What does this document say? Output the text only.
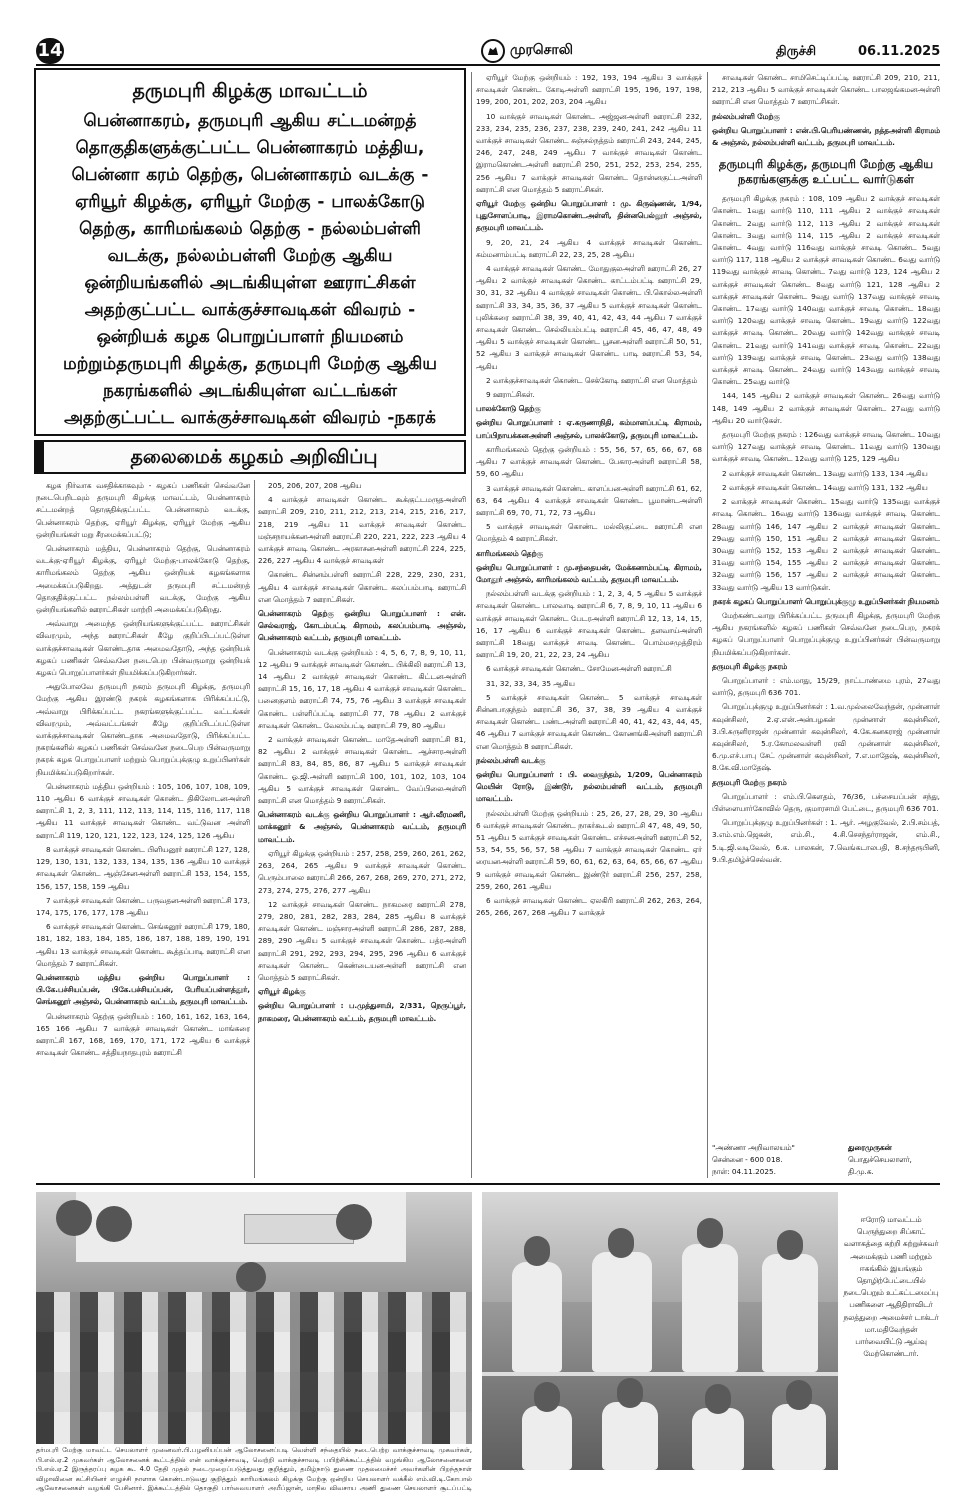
14	முரசொலி	திருச்சி	06.11.2025
தருமபுரி கிழக்கு மாவட்டம்
பென்னாகரம், தருமபுரி ஆகிய சட்டமன்றத் தொகுதிகளுக்குட்பட்ட பென்னாகரம் மத்திய, பென்னா கரம் தெற்கு, பென்னாகரம் வடக்கு - ஏரியூர் கிழக்கு, ஏரியூர் மேற்கு - பாலக்கோடு தெற்கு, காரிமங்கலம் தெற்கு - நல்லம்பள்ளி வடக்கு, நல்லம்பள்ளி மேற்கு ஆகிய ஒன்றியங்களில் அடங்கியுள்ள ஊராட்சிகள் அதற்குட்பட்ட வாக்குச்சாவடிகள் விவரம் - ஒன்றியக் கழக பொறுப்பாளர் நியமனம் மற்றும்தருமபுரி கிழக்கு, தருமபுரி மேற்கு ஆகிய நகரங்களில் அடங்கியுள்ள வட்டங்கள் அதற்குட்பட்ட வாக்குச்சாவடிகள் விவரம் -நகரக்
தலைமைக் கழகம் அறிவிப்பு

கழக நிர்வாக வசதிக்காகவும் - கழகப் பணிகள் செவ்வனே நடைபெறிடவும் தருமபுரி கிழக்கு மாவட்டம், பென்னாகரம் சட்டமன்றத் தொகுதிக்குட்பட்ட பென்னாகரம் வடக்கு, பென்னாகரம் தெற்கு, ஏரியூர் கிழக்கு, ஏரியூர் மேற்கு ஆகிய ஒன்றியங்கள் மறு சீரமைக்கப்பட்டு;

பென்னாகரம் மத்திய, பென்னாகரம் தெற்கு, பென்னாகரம் வடக்கு-ஏரியூர் கிழக்கு, ஏரியூர் மேற்கு-பாலக்கோடு தெற்கு, காரிமங்கலம் தெற்கு ஆகிய ஒன்றியக் கழகங்களாக அமைக்கப்படுகிறது. அத்துடன் தருமபுரி சட்டமன்றத் தொகுதிக்குட்பட்ட நல்லம்பள்ளி வடக்கு, மேற்கு ஆகிய ஒன்றியங்களில் ஊராட்சிகள் மாற்றி அமைக்கப்படுகிறது.

அவ்வாறு அமைந்த ஒன்றியங்களுக்குட்பட்ட ஊராட்சிகள் விவரமும், அந்த ஊராட்சிகள் கீழே குறிப்பிடப்பட்டுள்ள வாக்குச்சாவடிகள் கொண்டதாக அமைவதோடு, அந்த ஒன்றியக் கழகப் பணிகள் செவ்வனே நடைபெற பின்வருமாறு ஒன்றியக் கழகப் பொறுப்பாளர்கள் நியமிக்கப்படுகிறார்கள்.

அதுபோலவே தருமபுரி நகரம் தருமபுரி கிழக்கு, தருமபுரி மேற்கு ஆகிய இரண்டு நகரக் கழகங்களாக பிரிக்கப்பட்டு, அவ்வாறு பிரிக்கப்பட்ட நகரங்களுக்குட்பட்ட வட்டங்கள் விவரமும், அவ்வட்டங்கள் கீழே குறிப்பிடப்பட்டுள்ள வாக்குச்சாவடிகள் கொண்டதாக அமைவதோடு, பிரிக்கப்பட்ட நகரங்களில் கழகப் பணிகள் செவ்வனே நடைபெற பின்வருமாறு நகரக் கழக பொறுப்பாளர் மற்றும் பொறுப்புக்குழு உறுப்பினர்கள் நியமிக்கப்படுகிறார்கள்.

பென்னாகரம் மத்திய ஒன்றியம் : 105, 106, 107, 108, 109, 110 ஆகிய 6 வாக்குச் சாவடிகள் கொண்ட திகிலோடனஅள்ளி ஊராட்சி 1, 2, 3, 111, 112, 113, 114, 115, 116, 117, 118 ஆகிய 11 வாக்குச் சாவடிகள் கொண்ட வட்டுவன அள்ளி ஊராட்சி 119, 120, 121, 122, 123, 124, 125, 126 ஆகிய

8 வாக்குச் சாவடிகள் கொண்ட பிளியனூர் ஊராட்சி 127, 128, 129, 130, 131, 132, 133, 134, 135, 136 ஆகிய 10 வாக்குச் சாவடிகள் கொண்ட ஆஞ்சேனஅள்ளி ஊராட்சி 153, 154, 155, 156, 157, 158, 159 ஆகிய

7 வாக்குச் சாவடிகள் கொண்ட பருவதனஅள்ளி ஊராட்சி 173, 174, 175, 176, 177, 178 ஆகிய

6 வாக்குச் சாவடிகள் கொண்ட செங்கனூர் ஊராட்சி 179, 180, 181, 182, 183, 184, 185, 186, 187, 188, 189, 190, 191 ஆகிய 13 வாக்குச் சாவடிகள் கொண்ட கூத்தப்பாடி ஊராட்சி என மொத்தம் 7 ஊராட்சிகள்.

பென்னாகரம் மத்திய ஒன்றிய பொறுப்பாளர் : பி.கே.பச்சியப்பன், பிகே.பச்சியப்பன், பேரியப்பள்ளத்தூர், செங்கனூர் அஞ்சல், பென்னாகரம் வட்டம், தருமபுரி மாவட்டம்.

பென்னாகரம் தெற்கு ஒன்றியம் : 160, 161, 162, 163, 164, 165 166 ஆகிய 7 வாக்குச் சாவடிகள் கொண்ட மாங்கரை ஊராட்சி 167, 168, 169, 170, 171, 172 ஆகிய 6 வாக்குச் சாவடிகள் கொண்ட சத்தியநாதபுரம் ஊராட்சி

205, 206, 207, 208 ஆகிய

4 வாக்குச் சாவடிகள் கொண்ட கூக்குட்டமருதஅள்ளி ஊராட்சி 209, 210, 211, 212, 213, 214, 215, 216, 217, 218, 219 ஆகிய 11 வாக்குச் சாவடிகள் கொண்ட மஞ்சநாயக்கனஅள்ளி ஊராட்சி 220, 221, 222, 223 ஆகிய 4 வாக்குச் சாவடி கொண்ட அரகாசனஅள்ளி ஊராட்சி 224, 225, 226, 227 ஆகிய 4 வாக்குச் சாவடிகள்

கொண்ட சின்னம்பள்ளி ஊராட்சி 228, 229, 230, 231, ஆகிய 4 வாக்குச் சாவடிகள் கொண்ட கலப்பம்பாடி ஊராட்சி என மொத்தம் 7 ஊராட்சிகள்.

பென்னாகரம் தெற்கு ஒன்றிய பொறுப்பாளர் : என். செல்வராஜ், கோடம்பட்டி கிராமம், கலப்பம்பாடி அஞ்சல், பென்னாகரம் வட்டம், தருமபுரி மாவட்டம்.

பென்னாகரம் வடக்கு ஒன்றியம் : 4, 5, 6, 7, 8, 9, 10, 11, 12 ஆகிய 9 வாக்குச் சாவடிகள் கொண்ட பிக்கிலி ஊராட்சி 13, 14 ஆகிய 2 வாக்குச் சாவடிகள் கொண்ட கிட்டனஅள்ளி ஊராட்சி 15, 16, 17, 18 ஆகிய 4 வாக்குச் சாவடிகள் கொண்ட பனைகுளம் ஊராட்சி 74, 75, 76 ஆகிய 3 வாக்குச் சாவடிகள் கொண்ட பள்ளிப்பட்டி ஊராட்சி 77, 78 ஆகிய 2 வாக்குச் சாவடிகள் கொண்ட வேலம்பட்டி ஊராட்சி 79, 80 ஆகிய

2 வாக்குச் சாவடிகள் கொண்ட மாதேஅள்ளி ஊராட்சி 81, 82 ஆகிய 2 வாக்குச் சாவடிகள் கொண்ட ஆச்சாரஅள்ளி ஊராட்சி 83, 84, 85, 86, 87 ஆகிய 5 வாக்குச் சாவடிகள் கொண்ட ஓ.ஜி.அள்ளி ஊராட்சி 100, 101, 102, 103, 104 ஆகிய 5 வாக்குச் சாவடிகள் கொண்ட வேப்பிலைஅள்ளி ஊராட்சி என மொத்தம் 9 ஊராட்சிகள்.

பென்னாகரம் வடக்கு ஒன்றிய பொறுப்பாளர் : ஆர்.வீரமணி, மாக்கனூர் & அஞ்சல், பென்னாகரம் வட்டம், தருமபுரி மாவட்டம்.

ஏரியூர் கிழக்கு ஒன்றியம் : 257, 258, 259, 260, 261, 262, 263, 264, 265 ஆகிய 9 வாக்குச் சாவடிகள் கொண்ட பெரும்பாலை ஊராட்சி 266, 267, 268, 269, 270, 271, 272, 273, 274, 275, 276, 277 ஆகிய

12 வாக்குச் சாவடிகள் கொண்ட நாகமரை ஊராட்சி 278, 279, 280, 281, 282, 283, 284, 285 ஆகிய 8 வாக்குச் சாவடிகள் கொண்ட மஞ்சாரஅள்ளி ஊராட்சி 286, 287, 288, 289, 290 ஆகிய 5 வாக்குச் சாவடிகள் கொண்ட பத்ரஅள்ளி ஊராட்சி 291, 292, 293, 294, 295, 296 ஆகிய 6 வாக்குச் சாவடிகள் கொண்ட கெண்டையனஅள்ளி ஊராட்சி என மொத்தம் 5 ஊராட்சிகள்.

ஏரியூர் கிழக்கு

ஒன்றிய பொறுப்பாளர் : ப.முத்துசாமி, 2/331, நெருப்பூர், நாகமரை, பென்னாகரம் வட்டம், தருமபுரி மாவட்டம்.

ஏரியூர் மேற்கு ஒன்றியம் : 192, 193, 194 ஆகிய 3 வாக்குச் சாவடிகள் கொண்ட கோடிஅள்ளி ஊராட்சி 195, 196, 197, 198, 199, 200, 201, 202, 203, 204 ஆகிய

10 வாக்குச் சாவடிகள் கொண்ட அஜ்ஜனஅள்ளி ஊராட்சி 232, 233, 234, 235, 236, 237, 238, 239, 240, 241, 242 ஆகிய 11 வாக்குச் சாவடிகள் கொண்ட சுஞ்சல்நத்தம் ஊராட்சி 243, 244, 245, 246, 247, 248, 249 ஆகிய 7 வாக்குச் சாவடிகள் கொண்ட இராமகொண்டஅள்ளி ஊராட்சி 250, 251, 252, 253, 254, 255, 256 ஆகிய 7 வாக்குச் சாவடிகள் கொண்ட தொன்னகுட்டஅள்ளி ஊராட்சி என மொத்தம் 5 ஊராட்சிகள்.

ஏரியூர் மேற்கு ஒன்றிய பொறுப்பாளர் : மு. கிருஷ்ணன், 1/94, புதுசோளப்பாடி, இராமகொண்டஅள்ளி, தின்னபெல்லூர் அஞ்சல், தருமபுரி மாவட்டம்.

9, 20, 21, 24 ஆகிய 4 வாக்குச் சாவடிகள் கொண்ட சும்மனாம்பட்டி ஊராட்சி 22, 23, 25, 28 ஆகிய

4 வாக்குச் சாவடிகள் கொண்ட மோதுகுலஅள்ளி ஊராட்சி 26, 27 ஆகிய 2 வாக்குச் சாவடிகள் கொண்ட காட்டம்பட்டி ஊராட்சி 29, 30, 31, 32 ஆகிய 4 வாக்குச் சாவடிகள் கொண்ட பி.கொல்லஅள்ளி ஊராட்சி 33, 34, 35, 36, 37 ஆகிய 5 வாக்குச் சாவடிகள் கொண்ட புலிக்கரை ஊராட்சி 38, 39, 40, 41, 42, 43, 44 ஆகிய 7 வாக்குச் சாவடிகள் கொண்ட செல்லியம்பட்டி ஊராட்சி 45, 46, 47, 48, 49 ஆகிய 5 வாக்குச் சாவடிகள் கொண்ட பூசனஅள்ளி ஊராட்சி 50, 51, 52 ஆகிய 3 வாக்குச் சாவடிகள் கொண்ட பாடி ஊராட்சி 53, 54, ஆகிய

2 வாக்குச்சாவடிகள் கொண்ட செக்கோடி ஊராட்சி என மொத்தம்

9 ஊராட்சிகள்.

பாலக்கோடு தெற்கு

ஒன்றிய பொறுப்பாளர் : ஏ.கருணாநிதி, கம்மாளப்பட்டி கிராமம், பாப்பிநாயக்கனஅள்ளி அஞ்சல், பாலக்கோடு, தருமபுரி மாவட்டம்.

காரிமங்கலம் தெற்கு ஒன்றியம் : 55, 56, 57, 65, 66, 67, 68 ஆகிய 7 வாக்குச் சாவடிகள் கொண்ட பேகாரஅள்ளி ஊராட்சி 58, 59, 60 ஆகிய

3 வாக்குச் சாவடிகள் கொண்ட காளப்பனஅள்ளி ஊராட்சி 61, 62, 63, 64 ஆகிய 4 வாக்குச் சாவடிகள் கொண்ட பூமாண்டஅள்ளி ஊராட்சி 69, 70, 71, 72, 73 ஆகிய

5 வாக்குச் சாவடிகள் கொண்ட மல்லிகுட்டை ஊராட்சி என மொத்தம் 4 ஊராட்சிகள்.

காரிமங்கலம் தெற்கு

ஒன்றிய பொறுப்பாளர் : மு.சந்தையன், மேக்கனாம்பட்டி கிராமம், மோதூர் அஞ்சல், காரிமங்கலம் வட்டம், தருமபுரி மாவட்டம்.

நல்லம்பள்ளி வடக்கு ஒன்றியம் : 1, 2, 3, 4, 5 ஆகிய 5 வாக்குச் சாவடிகள் கொண்ட பாலவாடி ஊராட்சி 6, 7, 8, 9, 10, 11 ஆகிய 6 வாக்குச் சாவடிகள் கொண்ட பேடரஅள்ளி ஊராட்சி 12, 13, 14, 15, 16, 17 ஆகிய 6 வாக்குச் சாவடிகள் கொண்ட தளவாய்அள்ளி ஊராட்சி 18வது வாக்குச் சாவடி கொண்ட பொம்மசமுத்திரம் ஊராட்சி 19, 20, 21, 22, 23, 24 ஆகிய

6 வாக்குச் சாவடிகள் கொண்ட சோமேனஅள்ளி ஊராட்சி

31, 32, 33, 34, 35 ஆகிய

5 வாக்குச் சாவடிகள் கொண்ட 5 வாக்குச் சாவடிகள் சின்னபாகுந்தம் ஊராட்சி 36, 37, 38, 39 ஆகிய 4 வாக்குச் சாவடிகள் கொண்ட பண்டஅள்ளி ஊராட்சி 40, 41, 42, 43, 44, 45, 46 ஆகிய 7 வாக்குச் சாவடிகள் கொண்ட கோணங்கிஅள்ளி ஊராட்சி என மொத்தம் 8 ஊராட்சிகள்.

நல்லம்பள்ளி வடக்கு

ஒன்றிய பொறுப்பாளர் : பி. வைகுந்தம், 1/209, பென்னாகரம் மெயின் ரோடு, இண்டூர், நல்லம்பள்ளி வட்டம், தருமபுரி மாவட்டம்.

நல்லம்பள்ளி மேற்கு ஒன்றியம் : 25, 26, 27, 28, 29, 30 ஆகிய 6 வாக்குச் சாவடிகள் கொண்ட நாகர்கூடல் ஊராட்சி 47, 48, 49, 50, 51 ஆகிய 5 வாக்குச் சாவடிகள் கொண்ட எச்சனஅள்ளி ஊராட்சி 52, 53, 54, 55, 56, 57, 58 ஆகிய 7 வாக்குச் சாவடிகள் கொண்ட ஏர் ரையனஅள்ளி ஊராட்சி 59, 60, 61, 62, 63, 64, 65, 66, 67 ஆகிய 9 வாக்குச் சாவடிகள் கொண்ட இண்டூர் ஊராட்சி 256, 257, 258, 259, 260, 261 ஆகிய

6 வாக்குச் சாவடிகள் கொண்ட ஏலகிரி ஊராட்சி 262, 263, 264, 265, 266, 267, 268 ஆகிய 7 வாக்குச்

சாவடிகள் கொண்ட சாமிசெட்டிப்பட்டி ஊராட்சி 209, 210, 211, 212, 213 ஆகிய 5 வாக்குச் சாவடிகள் கொண்ட பாலஜங்கமனஅள்ளி ஊராட்சி என மொத்தம் 7 ஊராட்சிகள்.

நல்லம்பள்ளி மேற்கு

ஒன்றிய பொறுப்பாளர் : என்.பி.பெரியண்ணன், நத்தஅள்ளி கிராமம் & அஞ்சல், நல்லம்பள்ளி வட்டம், தருமபுரி மாவட்டம்.

தருமபுரி கிழக்கு, தருமபுரி மேற்கு ஆகிய நகரங்களுக்கு உட்பட்ட வார்டுகள்

தருமபுரி கிழக்கு நகரம் : 108, 109 ஆகிய 2 வாக்குச் சாவடிகள் கொண்ட 1வது வார்டு 110, 111 ஆகிய 2 வாக்குச் சாவடிகள் கொண்ட 2வது வார்டு 112, 113 ஆகிய 2 வாக்குச் சாவடிகள் கொண்ட 3வது வார்டு 114, 115 ஆகிய 2 வாக்குச் சாவடிகள் கொண்ட 4வது வார்டு 116வது வாக்குச் சாவடி கொண்ட 5வது வார்டு 117, 118 ஆகிய 2 வாக்குச் சாவடிகள் கொண்ட 6வது வார்டு 119வது வாக்குச் சாவடி கொண்ட 7வது வார்டு 123, 124 ஆகிய 2 வாக்குச் சாவடிகள் கொண்ட 8வது வார்டு 121, 128 ஆகிய 2 வாக்குச் சாவடிகள் கொண்ட 9வது வார்டு 137வது வாக்குச் சாவடி கொண்ட 17வது வார்டு 140வது வாக்குச் சாவடி கொண்ட 18வது வார்டு 120வது வாக்குச் சாவடி கொண்ட 19வது வார்டு 122வது வாக்குச் சாவடி கொண்ட 20வது வார்டு 142வது வாக்குச் சாவடி கொண்ட 21வது வார்டு 141வது வாக்குச் சாவடி கொண்ட 22வது வார்டு 139வது வாக்குச் சாவடி கொண்ட 23வது வார்டு 138வது வாக்குச் சாவடி கொண்ட 24வது வார்டு 143வது வாக்குச் சாவடி கொண்ட 25வது வார்டு

144, 145 ஆகிய 2 வாக்குச் சாவடிகள் கொண்ட 26வது வார்டு 148, 149 ஆகிய 2 வாக்குச் சாவடிகள் கொண்ட 27வது வார்டு ஆகிய 20 வார்டுகள்.

தருமபுரி மேற்கு நகரம் : 126வது வாக்குச் சாவடி கொண்ட 10வது வார்டு 127வது வாக்குச் சாவடி கொண்ட 11வது வார்டு 130வது வாக்குச் சாவடி கொண்ட 12வது வார்டு 125, 129 ஆகிய

2 வாக்குச் சாவடிகள் கொண்ட 13வது வார்டு 133, 134 ஆகிய

2 வாக்குச் சாவடிகள் கொண்ட 14வது வார்டு 131, 132 ஆகிய

2 வாக்குச் சாவடிகள் கொண்ட 15வது வார்டு 135வது வாக்குச் சாவடி கொண்ட 16வது வார்டு 136வது வாக்குச் சாவடி கொண்ட 28வது வார்டு 146, 147 ஆகிய 2 வாக்குச் சாவடிகள் கொண்ட 29வது வார்டு 150, 151 ஆகிய 2 வாக்குச் சாவடிகள் கொண்ட 30வது வார்டு 152, 153 ஆகிய 2 வாக்குச் சாவடிகள் கொண்ட 31வது வார்டு 154, 155 ஆகிய 2 வாக்குச் சாவடிகள் கொண்ட 32வது வார்டு 156, 157 ஆகிய 2 வாக்குச் சாவடிகள் கொண்ட 33வது வார்டு ஆகிய 13 வார்டுகள்.

நகரக் கழகப் பொறுப்பாளர் பொறுப்புக்குழு உறுப்பினர்கள் நியமனம்

மேற்கண்டவாறு பிரிக்கப்பட்ட தருமபுரி கிழக்கு, தருமபுரி மேற்கு ஆகிய நகரங்களில் கழகப் பணிகள் செவ்வனே நடைபெற, நகரக் கழகப் பொறுப்பாளர் பொறுப்புக்குழு உறுப்பினர்கள் பின்வருமாறு நியமிக்கப்படுகிறார்கள்.

தருமபுரி கிழக்கு நகரம்

பொறுப்பாளர் : எம்.மாது, 15/29, நாட்டாண்மை புரம், 27வது வார்டு, தருமபுரி 636 701.

பொறுப்புக்குழு உறுப்பினர்கள் : 1.வ.முல்லைவேந்தன், முன்னாள் கவுன்சிலர், 2.ஏ.என்.அன்பழகன் முன்னாள் கவுன்சிலர், 3.பி.சுருளிராஜன் முன்னாள் கவுன்சிலர், 4.கே.கனகராஜ் முன்னாள் கவுன்சிலர், 5.ர.கோமலவள்ளி ரவி முன்னாள் கவுன்சிலர், 6.மு.எச்.பாபு சேட் முன்னாள் கவுன்சிலர், 7.எ.மாதேஷ், கவுன்சிலர், 8.கே.வி.மாதேஷ்.

தருமபுரி மேற்கு நகரம்

பொறுப்பாளர் : எம்.பி.கௌதம், 76/36, பச்சையப்பன் சந்து, பிள்ளையார்கோவில் தெரு, குமாரசாமி பேட்டை, தருமபுரி 636 701.

பொறுப்புக்குழு உறுப்பினர்கள் : 1. ஆர். அழகுவேல், 2.பி.சம்பத், 3.எம்.எம்.ஜெகன், எம்.சி., 4.சி.செசந்தர்ராஜன், எம்.சி., 5.டி.ஜி.வடிவேல், 6.க. பாலகன், 7.வெங்கடாலபதி, 8.சந்தரூபினி, 9.பி.தமிழ்ச்செல்வன்.

"அண்ணா அறிவாலயம்"
சென்னை - 600 018.
நாள்: 04.11.2025.
துரைமுருகன்
பொதுச்செயலாளர்,
தி.மு.க.
தர்மபுரி மேற்கு மாவட்ட செயலாளர் முனைவர்.பி.பழனியப்பன் ஆலோசனைப்படி வெள்ளி சந்தையில் நடைபெற்ற வாக்குச்சாவடி முகவர்கள், பி.எல்.ஏ.2 முகவர்கள் ஆலோசனைக் கூட்டத்தில் என் வாக்குச்சாவடி, வெற்றி வாக்குச்சாவடி பயிற்சிக்கூட்டத்தில் வழங்கிய ஆலோசனைகளை பி.எல்.ஏ.2 இருத்தரப்பு கழக கூ. 4.0 தேதி முதல் நடைமுறைப்படுத்துவது குறித்தும், தமிழ்நாடு துணை முதலமைச்சர் அவர்களின் பிறந்தநாள் விழாவினை கட்சியினர் எழுச்சி நாளாக கொண்டாடுவது குறித்தும் காரிமங்கலம் கிழக்கு மேற்கு ஒன்றிய செயலாளர் வக்கீல் எம்.வி.டி.கோபால் ஆலோசனைகள் வழங்கி பேசினார். இக்கூட்டத்தில் தொகுதி பார்வையாளர் அயீப்ஜான், மாநில விவசாய அணி துணை செயலாளர் சூடப்பட்டி
ஈரோடு மாவட்டம் பெருந்துறை சிப்காட் வளாகத்தை சுற்றி சுற்றுச்சுவர் அமைக்கும் பணி மற்றும் ஈசுங்கில் இயங்கும் தொழிற்பேட்டையில் நடைபெறும் உட்கட்டமைப்பு பணிகளை ஆதிதிராவிடர் நலத்துறை அமைச்சர் டாக்டர் மா.மதிவேந்தன் பார்வையிட்டு ஆய்வு மேற்கொண்டார்.
